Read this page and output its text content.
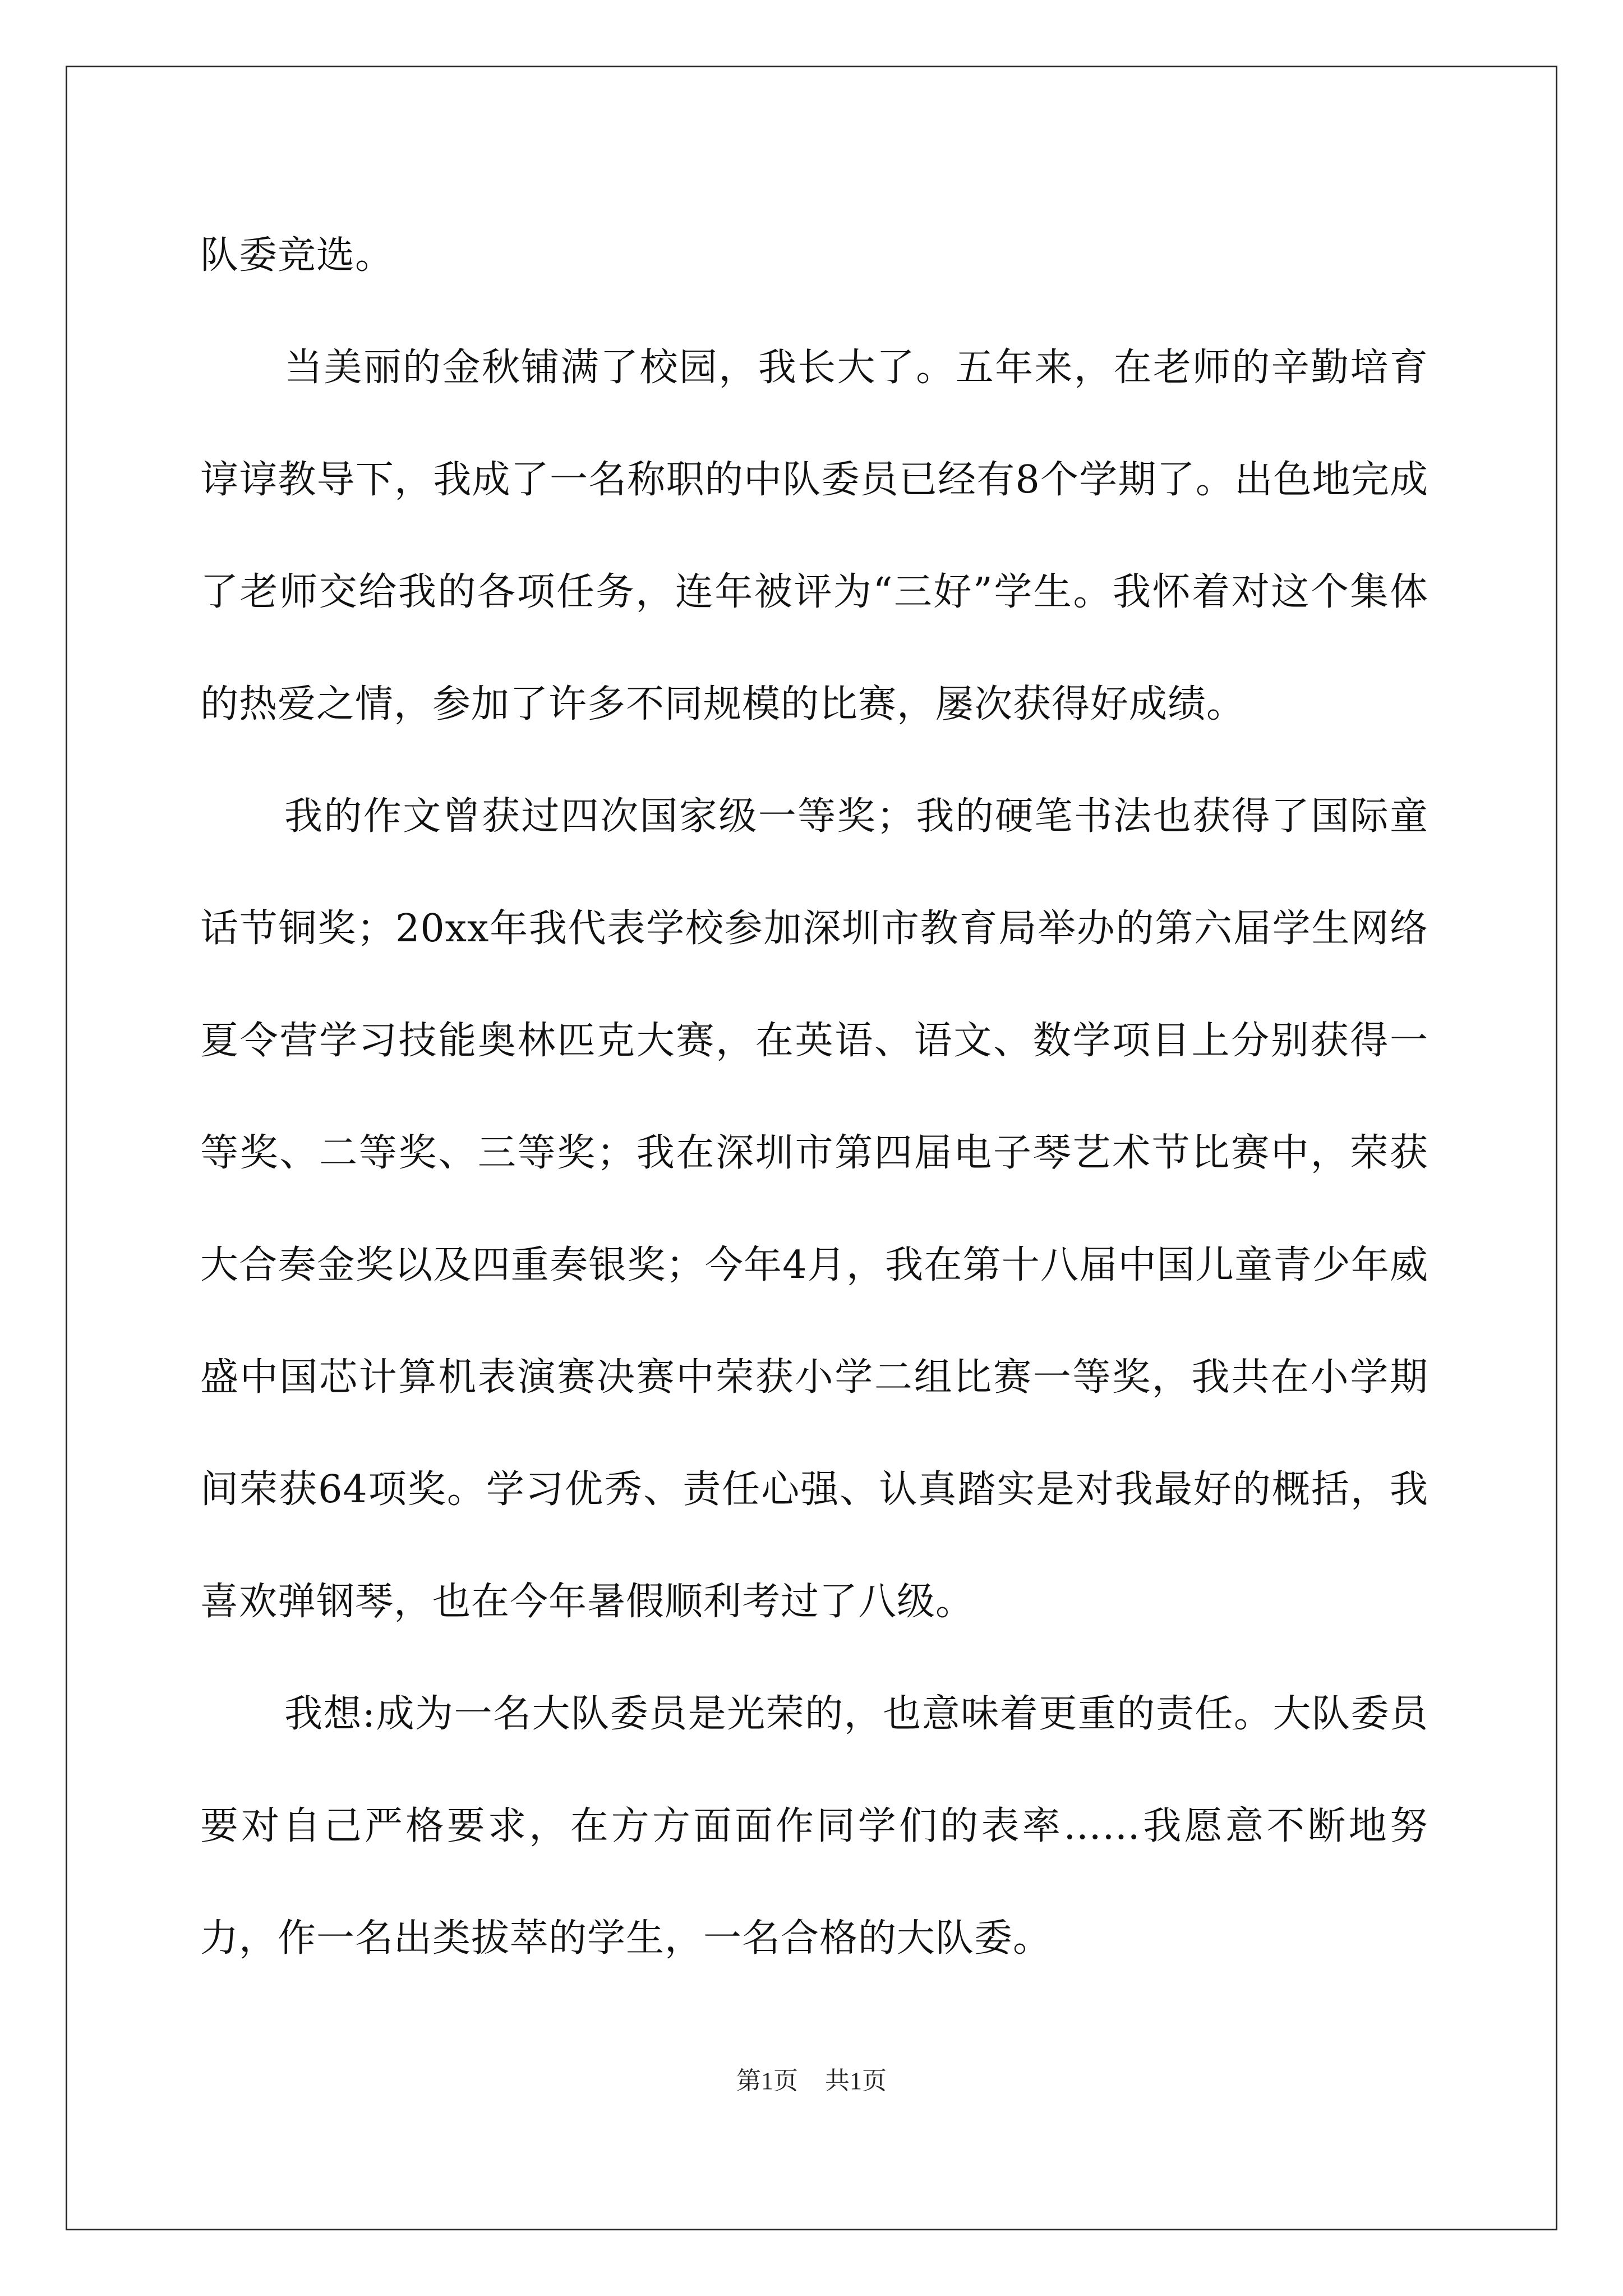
队委竞选。

当美丽的金秋铺满了校园，我长大了。五年来，在老师的辛勤培育谆谆教导下，我成了一名称职的中队委员已经有8个学期了。出色地完成了老师交给我的各项任务，连年被评为“三好”学生。我怀着对这个集体的热爱之情，参加了许多不同规模的比赛，屡次获得好成绩。

我的作文曾获过四次国家级一等奖；我的硬笔书法也获得了国际童话节铜奖；20xx年我代表学校参加深圳市教育局举办的第六届学生网络夏令营学习技能奥林匹克大赛，在英语、语文、数学项目上分别获得一等奖、二等奖、三等奖；我在深圳市第四届电子琴艺术节比赛中，荣获大合奏金奖以及四重奏银奖；今年4月，我在第十八届中国儿童青少年威盛中国芯计算机表演赛决赛中荣获小学二组比赛一等奖，我共在小学期间荣获64项奖。学习优秀、责任心强、认真踏实是对我最好的概括，我喜欢弹钢琴，也在今年暑假顺利考过了八级。

我想:成为一名大队委员是光荣的，也意味着更重的责任。大队委员要对自己严格要求，在方方面面作同学们的表率……我愿意不断地努力，作一名出类拔萃的学生，一名合格的大队委。

第1页 共1页
